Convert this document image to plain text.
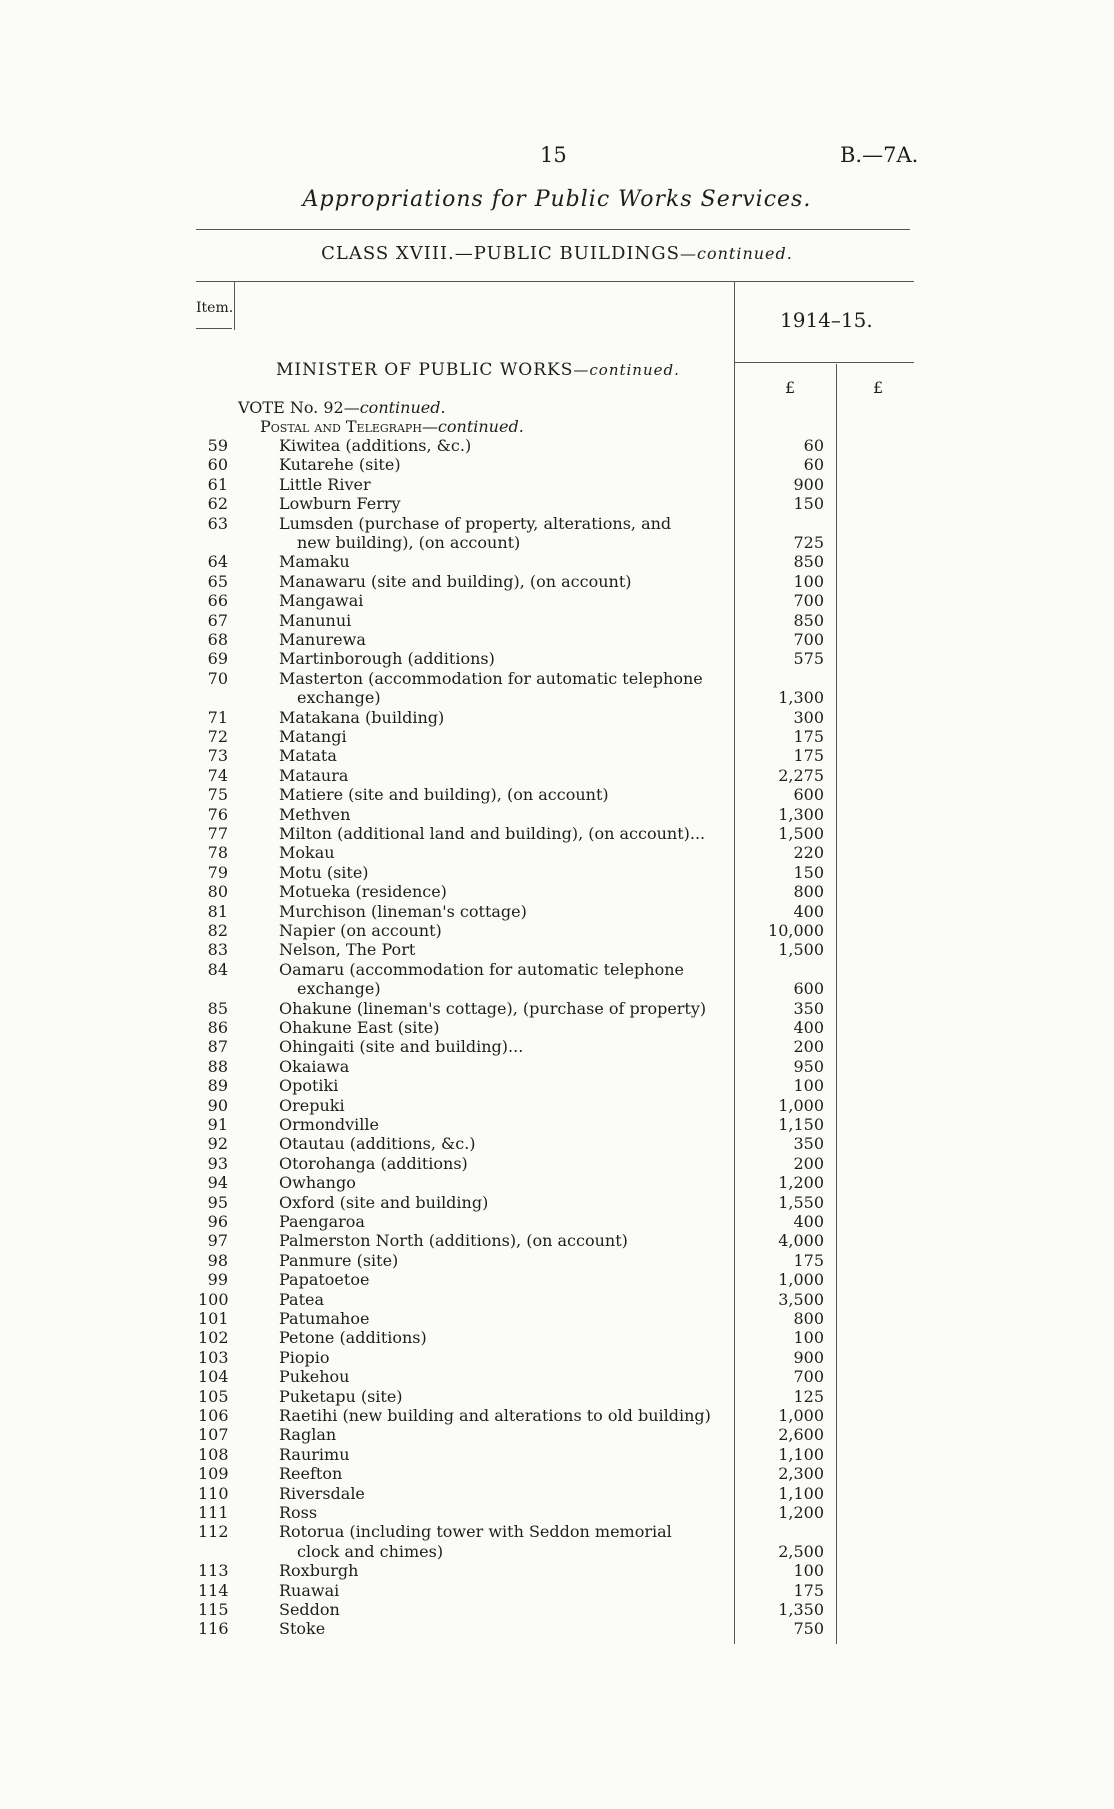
15	B.—7A.
Appropriations for Public Works Services.
CLASS XVIII.—PUBLIC BUILDINGS—continued.
Item.	1914–15.
MINISTER OF PUBLIC WORKS—continued.
£	£
VOTE No. 92—continued.
Postal and Telegraph—continued.
59	Kiwitea (additions, &c.)	60
60	Kutarehe (site)	60
61	Little River	900
62	Lowburn Ferry	150
63	Lumsden (purchase of property, alterations, and
new building), (on account)	725
64	Mamaku	850
65	Manawaru (site and building), (on account)	100
66	Mangawai	700
67	Manunui	850
68	Manurewa	700
69	Martinborough (additions)	575
70	Masterton (accommodation for automatic telephone
exchange)	1,300
71	Matakana (building)	300
72	Matangi	175
73	Matata	175
74	Mataura	2,275
75	Matiere (site and building), (on account)	600
76	Methven	1,300
77	Milton (additional land and building), (on account)...	1,500
78	Mokau	220
79	Motu (site)	150
80	Motueka (residence)	800
81	Murchison (lineman's cottage)	400
82	Napier (on account)	10,000
83	Nelson, The Port	1,500
84	Oamaru (accommodation for automatic telephone
exchange)	600
85	Ohakune (lineman's cottage), (purchase of property)	350
86	Ohakune East (site)	400
87	Ohingaiti (site and building)...	200
88	Okaiawa	950
89	Opotiki	100
90	Orepuki	1,000
91	Ormondville	1,150
92	Otautau (additions, &c.)	350
93	Otorohanga (additions)	200
94	Owhango	1,200
95	Oxford (site and building)	1,550
96	Paengaroa	400
97	Palmerston North (additions), (on account)	4,000
98	Panmure (site)	175
99	Papatoetoe	1,000
100	Patea	3,500
101	Patumahoe	800
102	Petone (additions)	100
103	Piopio	900
104	Pukehou	700
105	Puketapu (site)	125
106	Raetihi (new building and alterations to old building)	1,000
107	Raglan	2,600
108	Raurimu	1,100
109	Reefton	2,300
110	Riversdale	1,100
111	Ross	1,200
112	Rotorua (including tower with Seddon memorial
clock and chimes)	2,500
113	Roxburgh	100
114	Ruawai	175
115	Seddon	1,350
116	Stoke	750
